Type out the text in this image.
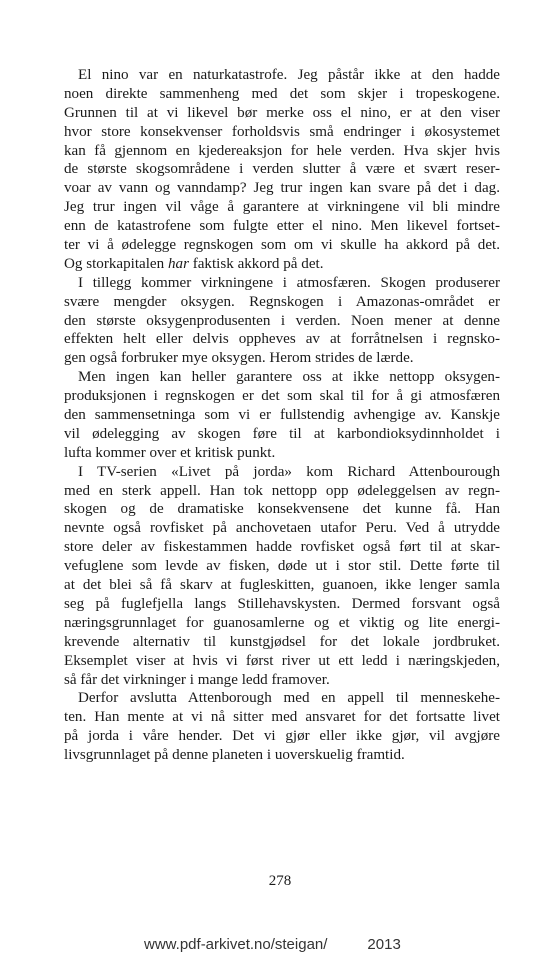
El nino var en naturkatastrofe. Jeg påstår ikke at den hadde
noen direkte sammenheng med det som skjer i tropeskogene.
Grunnen til at vi likevel bør merke oss el nino, er at den viser
hvor store konsekvenser forholdsvis små endringer i økosystemet
kan få gjennom en kjedereaksjon for hele verden. Hva skjer hvis
de største skogsområdene i verden slutter å være et svært reser-
voar av vann og vanndamp? Jeg trur ingen kan svare på det i dag.
Jeg trur ingen vil våge å garantere at virkningene vil bli mindre
enn de katastrofene som fulgte etter el nino. Men likevel fortset-
ter vi å ødelegge regnskogen som om vi skulle ha akkord på det.
Og storkapitalen har faktisk akkord på det.

I tillegg kommer virkningene i atmosfæren. Skogen produserer
svære mengder oksygen. Regnskogen i Amazonas-området er
den største oksygenprodusenten i verden. Noen mener at denne
effekten helt eller delvis oppheves av at forråtnelsen i regnsko-
gen også forbruker mye oksygen. Herom strides de lærde.

Men ingen kan heller garantere oss at ikke nettopp oksygen-
produksjonen i regnskogen er det som skal til for å gi atmosfæren
den sammensetninga som vi er fullstendig avhengige av. Kanskje
vil ødelegging av skogen føre til at karbondioksydinnholdet i
lufta kommer over et kritisk punkt.

I TV-serien «Livet på jorda» kom Richard Attenbourough
med en sterk appell. Han tok nettopp opp ødeleggelsen av regn-
skogen og de dramatiske konsekvensene det kunne få. Han
nevnte også rovfisket på anchovetaen utafor Peru. Ved å utrydde
store deler av fiskestammen hadde rovfisket også ført til at skar-
vefuglene som levde av fisken, døde ut i stor stil. Dette førte til
at det blei så få skarv at fugleskitten, guanoen, ikke lenger samla
seg på fuglefjella langs Stillehavskysten. Dermed forsvant også
næringsgrunnlaget for guanosamlerne og et viktig og lite energi-
krevende alternativ til kunstgjødsel for det lokale jordbruket.
Eksemplet viser at hvis vi først river ut ett ledd i næringskjeden,
så får det virkninger i mange ledd framover.

Derfor avslutta Attenborough med en appell til menneskehe-
ten. Han mente at vi nå sitter med ansvaret for det fortsatte livet
på jorda i våre hender. Det vi gjør eller ikke gjør, vil avgjøre
livsgrunnlaget på denne planeten i uoverskuelig framtid.

278
www.pdf-arkivet.no/steigan/	2013
